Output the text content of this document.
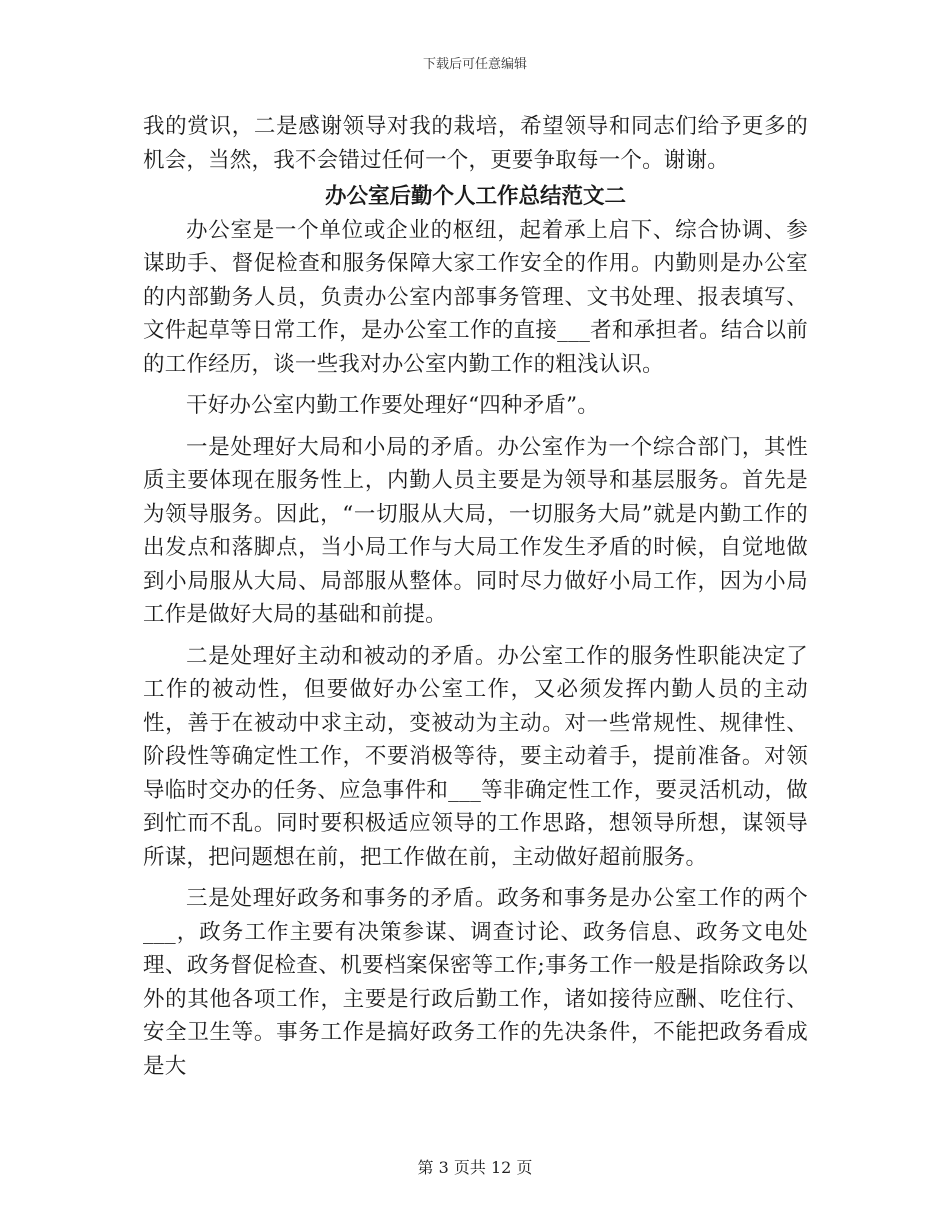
下载后可任意编辑

我的赏识，二是感谢领导对我的栽培，希望领导和同志们给予更多的机会，当然，我不会错过任何一个，更要争取每一个。谢谢。

办公室后勤个人工作总结范文二

办公室是一个单位或企业的枢纽，起着承上启下、综合协调、参谋助手、督促检查和服务保障大家工作安全的作用。内勤则是办公室的内部勤务人员，负责办公室内部事务管理、文书处理、报表填写、文件起草等日常工作，是办公室工作的直接___者和承担者。结合以前的工作经历，谈一些我对办公室内勤工作的粗浅认识。

干好办公室内勤工作要处理好“四种矛盾”。

一是处理好大局和小局的矛盾。办公室作为一个综合部门，其性质主要体现在服务性上，内勤人员主要是为领导和基层服务。首先是为领导服务。因此，“一切服从大局，一切服务大局”就是内勤工作的出发点和落脚点，当小局工作与大局工作发生矛盾的时候，自觉地做到小局服从大局、局部服从整体。同时尽力做好小局工作，因为小局工作是做好大局的基础和前提。

二是处理好主动和被动的矛盾。办公室工作的服务性职能决定了工作的被动性，但要做好办公室工作，又必须发挥内勤人员的主动性，善于在被动中求主动，变被动为主动。对一些常规性、规律性、阶段性等确定性工作，不要消极等待，要主动着手，提前准备。对领导临时交办的任务、应急事件和___等非确定性工作，要灵活机动，做到忙而不乱。同时要积极适应领导的工作思路，想领导所想，谋领导所谋，把问题想在前，把工作做在前，主动做好超前服务。

三是处理好政务和事务的矛盾。政务和事务是办公室工作的两个___，政务工作主要有决策参谋、调查讨论、政务信息、政务文电处理、政务督促检查、机要档案保密等工作;事务工作一般是指除政务以外的其他各项工作，主要是行政后勤工作，诸如接待应酬、吃住行、安全卫生等。事务工作是搞好政务工作的先决条件，不能把政务看成是大

第 3 页共 12 页
